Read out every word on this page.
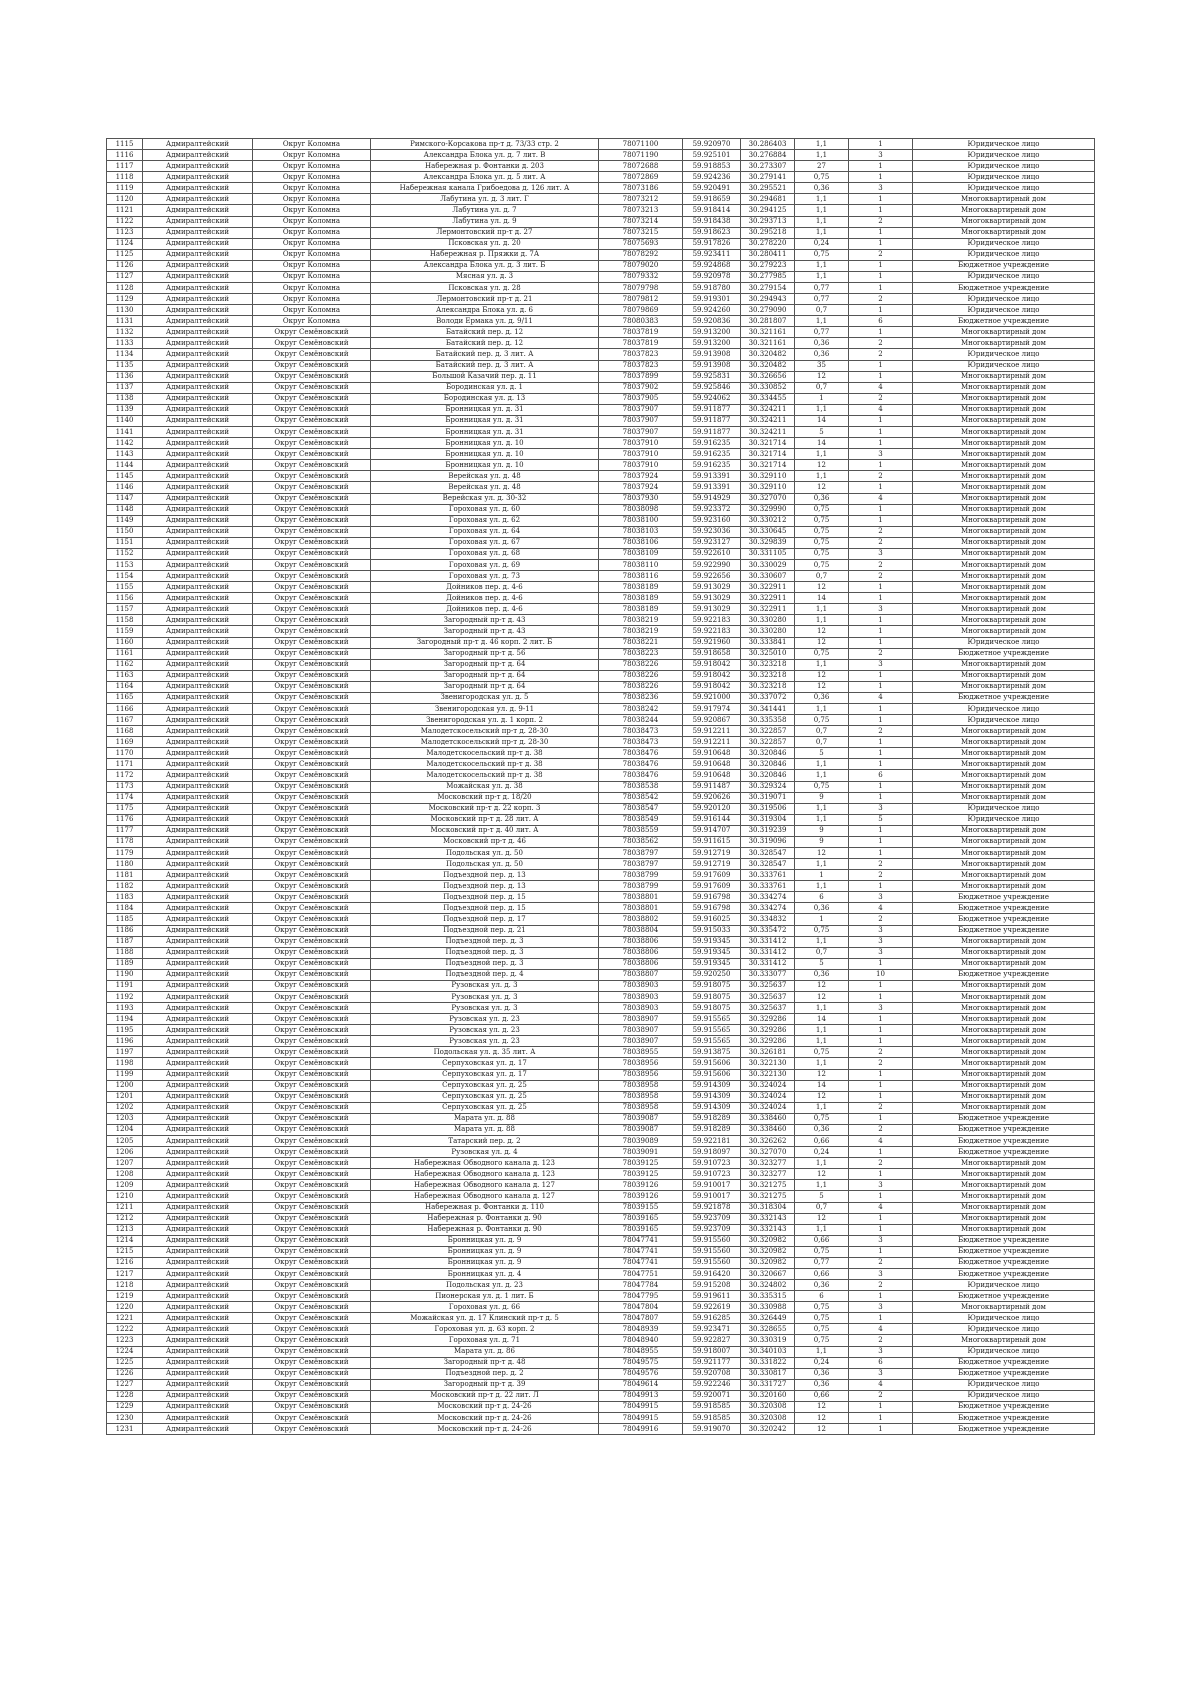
1115	Адмиралтейский	Округ Коломна	Римского-Корсакова пр-т д. 73/33 стр. 2	78071100	59.920970	30.286403	1,1	1	Юридическое лицо
1116	Адмиралтейский	Округ Коломна	Александра Блока ул. д. 7 лит. В	78071190	59.925101	30.276884	1,1	3	Юридическое лицо
1117	Адмиралтейский	Округ Коломна	Набережная р. Фонтанки д. 203	78072688	59.918853	30.273307	27	1	Юридическое лицо
1118	Адмиралтейский	Округ Коломна	Александра Блока ул. д. 5 лит. А	78072869	59.924236	30.279141	0,75	1	Юридическое лицо
1119	Адмиралтейский	Округ Коломна	Набережная канала Грибоедова д. 126 лит. А	78073186	59.920491	30.295521	0,36	3	Юридическое лицо
1120	Адмиралтейский	Округ Коломна	Лабутина ул. д. 3 лит. Г	78073212	59.918659	30.294681	1,1	1	Многоквартирный дом
1121	Адмиралтейский	Округ Коломна	Лабутина ул. д. 7	78073213	59.918414	30.294125	1,1	1	Многоквартирный дом
1122	Адмиралтейский	Округ Коломна	Лабутина ул. д. 9	78073214	59.918438	30.293713	1,1	2	Многоквартирный дом
1123	Адмиралтейский	Округ Коломна	Лермонтовский пр-т д. 27	78073215	59.918623	30.295218	1,1	1	Многоквартирный дом
1124	Адмиралтейский	Округ Коломна	Псковская ул. д. 20	78075693	59.917826	30.278220	0,24	1	Юридическое лицо
1125	Адмиралтейский	Округ Коломна	Набережная р. Пряжки д. 7А	78078292	59.923411	30.280411	0,75	2	Юридическое лицо
1126	Адмиралтейский	Округ Коломна	Александра Блока ул. д. 3 лит. Б	78079020	59.924868	30.279223	1,1	1	Бюджетное учреждение
1127	Адмиралтейский	Округ Коломна	Мясная ул. д. 3	78079332	59.920978	30.277985	1,1	1	Юридическое лицо
1128	Адмиралтейский	Округ Коломна	Псковская ул. д. 28	78079798	59.918780	30.279154	0,77	1	Бюджетное учреждение
1129	Адмиралтейский	Округ Коломна	Лермонтовский пр-т д. 21	78079812	59.919301	30.294943	0,77	2	Юридическое лицо
1130	Адмиралтейский	Округ Коломна	Александра Блока ул. д. 6	78079869	59.924260	30.279090	0,7	1	Юридическое лицо
1131	Адмиралтейский	Округ Коломна	Володи Ермака ул. д. 9/11	78080383	59.920836	30.281807	1,1	6	Бюджетное учреждение
1132	Адмиралтейский	Округ Семёновский	Батайский пер. д. 12	78037819	59.913200	30.321161	0,77	1	Многоквартирный дом
1133	Адмиралтейский	Округ Семёновский	Батайский пер. д. 12	78037819	59.913200	30.321161	0,36	2	Многоквартирный дом
1134	Адмиралтейский	Округ Семёновский	Батайский пер. д. 3 лит. А	78037823	59.913908	30.320482	0,36	2	Юридическое лицо
1135	Адмиралтейский	Округ Семёновский	Батайский пер. д. 3 лит. А	78037823	59.913908	30.320482	35	1	Юридическое лицо
1136	Адмиралтейский	Округ Семёновский	Большой Казачий пер. д. 11	78037899	59.925831	30.326656	12	1	Многоквартирный дом
1137	Адмиралтейский	Округ Семёновский	Бородинская ул. д. 1	78037902	59.925846	30.330852	0,7	4	Многоквартирный дом
1138	Адмиралтейский	Округ Семёновский	Бородинская ул. д. 13	78037905	59.924062	30.334455	1	2	Многоквартирный дом
1139	Адмиралтейский	Округ Семёновский	Бронницкая ул. д. 31	78037907	59.911877	30.324211	1,1	4	Многоквартирный дом
1140	Адмиралтейский	Округ Семёновский	Бронницкая ул. д. 31	78037907	59.911877	30.324211	14	1	Многоквартирный дом
1141	Адмиралтейский	Округ Семёновский	Бронницкая ул. д. 31	78037907	59.911877	30.324211	5	1	Многоквартирный дом
1142	Адмиралтейский	Округ Семёновский	Бронницкая ул. д. 10	78037910	59.916235	30.321714	14	1	Многоквартирный дом
1143	Адмиралтейский	Округ Семёновский	Бронницкая ул. д. 10	78037910	59.916235	30.321714	1,1	3	Многоквартирный дом
1144	Адмиралтейский	Округ Семёновский	Бронницкая ул. д. 10	78037910	59.916235	30.321714	12	1	Многоквартирный дом
1145	Адмиралтейский	Округ Семёновский	Верейская ул. д. 48	78037924	59.913391	30.329110	1,1	2	Многоквартирный дом
1146	Адмиралтейский	Округ Семёновский	Верейская ул. д. 48	78037924	59.913391	30.329110	12	1	Многоквартирный дом
1147	Адмиралтейский	Округ Семёновский	Верейская ул. д. 30-32	78037930	59.914929	30.327070	0,36	4	Многоквартирный дом
1148	Адмиралтейский	Округ Семёновский	Гороховая ул. д. 60	78038098	59.923372	30.329990	0,75	1	Многоквартирный дом
1149	Адмиралтейский	Округ Семёновский	Гороховая ул. д. 62	78038100	59.923160	30.330212	0,75	1	Многоквартирный дом
1150	Адмиралтейский	Округ Семёновский	Гороховая ул. д. 64	78038103	59.923036	30.330645	0,75	2	Многоквартирный дом
1151	Адмиралтейский	Округ Семёновский	Гороховая ул. д. 67	78038106	59.923127	30.329839	0,75	2	Многоквартирный дом
1152	Адмиралтейский	Округ Семёновский	Гороховая ул. д. 68	78038109	59.922610	30.331105	0,75	3	Многоквартирный дом
1153	Адмиралтейский	Округ Семёновский	Гороховая ул. д. 69	78038110	59.922990	30.330029	0,75	2	Многоквартирный дом
1154	Адмиралтейский	Округ Семёновский	Гороховая ул. д. 73	78038116	59.922656	30.330607	0,7	2	Многоквартирный дом
1155	Адмиралтейский	Округ Семёновский	Дойников пер. д. 4-6	78038189	59.913029	30.322911	12	1	Многоквартирный дом
1156	Адмиралтейский	Округ Семёновский	Дойников пер. д. 4-6	78038189	59.913029	30.322911	14	1	Многоквартирный дом
1157	Адмиралтейский	Округ Семёновский	Дойников пер. д. 4-6	78038189	59.913029	30.322911	1,1	3	Многоквартирный дом
1158	Адмиралтейский	Округ Семёновский	Загородный пр-т д. 43	78038219	59.922183	30.330280	1,1	1	Многоквартирный дом
1159	Адмиралтейский	Округ Семёновский	Загородный пр-т д. 43	78038219	59.922183	30.330280	12	1	Многоквартирный дом
1160	Адмиралтейский	Округ Семёновский	Загородный пр-т д. 46 корп. 2 лит. Б	78038221	59.921960	30.333841	12	1	Юридическое лицо
1161	Адмиралтейский	Округ Семёновский	Загородный пр-т д. 56	78038223	59.918658	30.325010	0,75	2	Бюджетное учреждение
1162	Адмиралтейский	Округ Семёновский	Загородный пр-т д. 64	78038226	59.918042	30.323218	1,1	3	Многоквартирный дом
1163	Адмиралтейский	Округ Семёновский	Загородный пр-т д. 64	78038226	59.918042	30.323218	12	1	Многоквартирный дом
1164	Адмиралтейский	Округ Семёновский	Загородный пр-т д. 64	78038226	59.918042	30.323218	12	1	Многоквартирный дом
1165	Адмиралтейский	Округ Семёновский	Звенигородская ул. д. 5	78038236	59.921000	30.337072	0,36	4	Бюджетное учреждение
1166	Адмиралтейский	Округ Семёновский	Звенигородская ул. д. 9-11	78038242	59.917974	30.341441	1,1	1	Юридическое лицо
1167	Адмиралтейский	Округ Семёновский	Звенигородская ул. д. 1 корп. 2	78038244	59.920867	30.335358	0,75	1	Юридическое лицо
1168	Адмиралтейский	Округ Семёновский	Малодетскосельский пр-т д. 28-30	78038473	59.912211	30.322857	0,7	2	Многоквартирный дом
1169	Адмиралтейский	Округ Семёновский	Малодетскосельский пр-т д. 28-30	78038473	59.912211	30.322857	0,7	1	Многоквартирный дом
1170	Адмиралтейский	Округ Семёновский	Малодетскосельский пр-т д. 38	78038476	59.910648	30.320846	5	1	Многоквартирный дом
1171	Адмиралтейский	Округ Семёновский	Малодетскосельский пр-т д. 38	78038476	59.910648	30.320846	1,1	1	Многоквартирный дом
1172	Адмиралтейский	Округ Семёновский	Малодетскосельский пр-т д. 38	78038476	59.910648	30.320846	1,1	6	Многоквартирный дом
1173	Адмиралтейский	Округ Семёновский	Можайская ул. д. 38	78038538	59.911487	30.329324	0,75	1	Многоквартирный дом
1174	Адмиралтейский	Округ Семёновский	Московский пр-т д. 18/20	78038542	59.920626	30.319071	9	1	Многоквартирный дом
1175	Адмиралтейский	Округ Семёновский	Московский пр-т д. 22 корп. 3	78038547	59.920120	30.319506	1,1	3	Юридическое лицо
1176	Адмиралтейский	Округ Семёновский	Московский пр-т д. 28 лит. А	78038549	59.916144	30.319304	1,1	5	Юридическое лицо
1177	Адмиралтейский	Округ Семёновский	Московский пр-т д. 40 лит. А	78038559	59.914707	30.319239	9	1	Многоквартирный дом
1178	Адмиралтейский	Округ Семёновский	Московский пр-т д. 46	78038562	59.911615	30.319096	9	1	Многоквартирный дом
1179	Адмиралтейский	Округ Семёновский	Подольская ул. д. 50	78038797	59.912719	30.328547	12	1	Многоквартирный дом
1180	Адмиралтейский	Округ Семёновский	Подольская ул. д. 50	78038797	59.912719	30.328547	1,1	2	Многоквартирный дом
1181	Адмиралтейский	Округ Семёновский	Подъездной пер. д. 13	78038799	59.917609	30.333761	1	2	Многоквартирный дом
1182	Адмиралтейский	Округ Семёновский	Подъездной пер. д. 13	78038799	59.917609	30.333761	1,1	1	Многоквартирный дом
1183	Адмиралтейский	Округ Семёновский	Подъездной пер. д. 15	78038801	59.916798	30.334274	6	3	Бюджетное учреждение
1184	Адмиралтейский	Округ Семёновский	Подъездной пер. д. 15	78038801	59.916798	30.334274	0,36	4	Бюджетное учреждение
1185	Адмиралтейский	Округ Семёновский	Подъездной пер. д. 17	78038802	59.916025	30.334832	1	2	Бюджетное учреждение
1186	Адмиралтейский	Округ Семёновский	Подъездной пер. д. 21	78038804	59.915033	30.335472	0,75	3	Бюджетное учреждение
1187	Адмиралтейский	Округ Семёновский	Подъездной пер. д. 3	78038806	59.919345	30.331412	1,1	3	Многоквартирный дом
1188	Адмиралтейский	Округ Семёновский	Подъездной пер. д. 3	78038806	59.919345	30.331412	0,7	3	Многоквартирный дом
1189	Адмиралтейский	Округ Семёновский	Подъездной пер. д. 3	78038806	59.919345	30.331412	5	1	Многоквартирный дом
1190	Адмиралтейский	Округ Семёновский	Подъездной пер. д. 4	78038807	59.920250	30.333077	0,36	10	Бюджетное учреждение
1191	Адмиралтейский	Округ Семёновский	Рузовская ул. д. 3	78038903	59.918075	30.325637	12	1	Многоквартирный дом
1192	Адмиралтейский	Округ Семёновский	Рузовская ул. д. 3	78038903	59.918075	30.325637	12	1	Многоквартирный дом
1193	Адмиралтейский	Округ Семёновский	Рузовская ул. д. 3	78038903	59.918075	30.325637	1,1	3	Многоквартирный дом
1194	Адмиралтейский	Округ Семёновский	Рузовская ул. д. 23	78038907	59.915565	30.329286	14	1	Многоквартирный дом
1195	Адмиралтейский	Округ Семёновский	Рузовская ул. д. 23	78038907	59.915565	30.329286	1,1	1	Многоквартирный дом
1196	Адмиралтейский	Округ Семёновский	Рузовская ул. д. 23	78038907	59.915565	30.329286	1,1	1	Многоквартирный дом
1197	Адмиралтейский	Округ Семёновский	Подольская ул. д. 35 лит. А	78038955	59.913875	30.326181	0,75	2	Многоквартирный дом
1198	Адмиралтейский	Округ Семёновский	Серпуховская ул. д. 17	78038956	59.915606	30.322130	1,1	2	Многоквартирный дом
1199	Адмиралтейский	Округ Семёновский	Серпуховская ул. д. 17	78038956	59.915606	30.322130	12	1	Многоквартирный дом
1200	Адмиралтейский	Округ Семёновский	Серпуховская ул. д. 25	78038958	59.914309	30.324024	14	1	Многоквартирный дом
1201	Адмиралтейский	Округ Семёновский	Серпуховская ул. д. 25	78038958	59.914309	30.324024	12	1	Многоквартирный дом
1202	Адмиралтейский	Округ Семёновский	Серпуховская ул. д. 25	78038958	59.914309	30.324024	1,1	2	Многоквартирный дом
1203	Адмиралтейский	Округ Семёновский	Марата ул. д. 88	78039087	59.918289	30.338460	0,75	1	Бюджетное учреждение
1204	Адмиралтейский	Округ Семёновский	Марата ул. д. 88	78039087	59.918289	30.338460	0,36	2	Бюджетное учреждение
1205	Адмиралтейский	Округ Семёновский	Татарский пер. д. 2	78039089	59.922181	30.326262	0,66	4	Бюджетное учреждение
1206	Адмиралтейский	Округ Семёновский	Рузовская ул. д. 4	78039091	59.918097	30.327070	0,24	1	Бюджетное учреждение
1207	Адмиралтейский	Округ Семёновский	Набережная Обводного канала д. 123	78039125	59.910723	30.323277	1,1	2	Многоквартирный дом
1208	Адмиралтейский	Округ Семёновский	Набережная Обводного канала д. 123	78039125	59.910723	30.323277	12	1	Многоквартирный дом
1209	Адмиралтейский	Округ Семёновский	Набережная Обводного канала д. 127	78039126	59.910017	30.321275	1,1	3	Многоквартирный дом
1210	Адмиралтейский	Округ Семёновский	Набережная Обводного канала д. 127	78039126	59.910017	30.321275	5	1	Многоквартирный дом
1211	Адмиралтейский	Округ Семёновский	Набережная р. Фонтанки д. 110	78039155	59.921878	30.318304	0,7	4	Многоквартирный дом
1212	Адмиралтейский	Округ Семёновский	Набережная р. Фонтанки д. 90	78039165	59.923709	30.332143	12	1	Многоквартирный дом
1213	Адмиралтейский	Округ Семёновский	Набережная р. Фонтанки д. 90	78039165	59.923709	30.332143	1,1	1	Многоквартирный дом
1214	Адмиралтейский	Округ Семёновский	Бронницкая ул. д. 9	78047741	59.915560	30.320982	0,66	3	Бюджетное учреждение
1215	Адмиралтейский	Округ Семёновский	Бронницкая ул. д. 9	78047741	59.915560	30.320982	0,75	1	Бюджетное учреждение
1216	Адмиралтейский	Округ Семёновский	Бронницкая ул. д. 9	78047741	59.915560	30.320982	0,77	2	Бюджетное учреждение
1217	Адмиралтейский	Округ Семёновский	Бронницкая ул. д. 4	78047751	59.916420	30.320667	0,66	3	Бюджетное учреждение
1218	Адмиралтейский	Округ Семёновский	Подольская ул. д. 23	78047784	59.915208	30.324802	0,36	2	Юридическое лицо
1219	Адмиралтейский	Округ Семёновский	Пионерская ул. д. 1 лит. Б	78047795	59.919611	30.335315	6	1	Бюджетное учреждение
1220	Адмиралтейский	Округ Семёновский	Гороховая ул. д. 66	78047804	59.922619	30.330988	0,75	3	Многоквартирный дом
1221	Адмиралтейский	Округ Семёновский	Можайская ул. д. 17 Клинский пр-т д. 5	78047807	59.916285	30.326449	0,75	1	Юридическое лицо
1222	Адмиралтейский	Округ Семёновский	Гороховая ул. д. 63 корп. 2	78048939	59.923471	30.328655	0,75	4	Юридическое лицо
1223	Адмиралтейский	Округ Семёновский	Гороховая ул. д. 71	78048940	59.922827	30.330319	0,75	2	Многоквартирный дом
1224	Адмиралтейский	Округ Семёновский	Марата ул. д. 86	78048955	59.918007	30.340103	1,1	3	Юридическое лицо
1225	Адмиралтейский	Округ Семёновский	Загородный пр-т д. 48	78049575	59.921177	30.331822	0,24	6	Бюджетное учреждение
1226	Адмиралтейский	Округ Семёновский	Подъездной пер. д. 2	78049576	59.920708	30.330817	0,36	3	Бюджетное учреждение
1227	Адмиралтейский	Округ Семёновский	Загородный пр-т д. 39	78049614	59.922246	30.331727	0,36	4	Юридическое лицо
1228	Адмиралтейский	Округ Семёновский	Московский пр-т д. 22 лит. Л	78049913	59.920071	30.320160	0,66	2	Юридическое лицо
1229	Адмиралтейский	Округ Семёновский	Московский пр-т д. 24-26	78049915	59.918585	30.320308	12	1	Бюджетное учреждение
1230	Адмиралтейский	Округ Семёновский	Московский пр-т д. 24-26	78049915	59.918585	30.320308	12	1	Бюджетное учреждение
1231	Адмиралтейский	Округ Семёновский	Московский пр-т д. 24-26	78049916	59.919070	30.320242	12	1	Бюджетное учреждение
